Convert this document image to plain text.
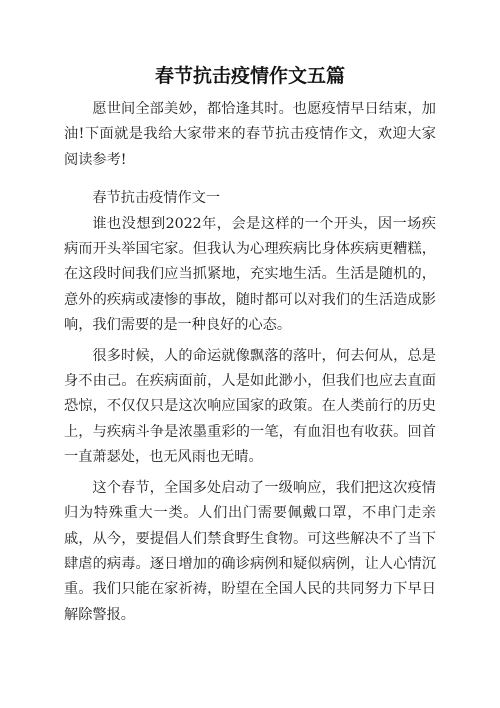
春节抗击疫情作文五篇

愿世间全部美妙，都恰逢其时。也愿疫情早日结束，加油!下面就是我给大家带来的春节抗击疫情作文，欢迎大家阅读参考!

春节抗击疫情作文一

谁也没想到2022年，会是这样的一个开头，因一场疾病而开头举国宅家。但我认为心理疾病比身体疾病更糟糕，在这段时间我们应当抓紧地，充实地生活。生活是随机的，意外的疾病或凄惨的事故，随时都可以对我们的生活造成影响，我们需要的是一种良好的心态。

很多时候，人的命运就像飘落的落叶，何去何从，总是身不由己。在疾病面前，人是如此渺小，但我们也应去直面恐惊，不仅仅只是这次响应国家的政策。在人类前行的历史上，与疾病斗争是浓墨重彩的一笔，有血泪也有收获。回首一直萧瑟处，也无风雨也无晴。

这个春节，全国多处启动了一级响应，我们把这次疫情归为特殊重大一类。人们出门需要佩戴口罩，不串门走亲戚，从今，要提倡人们禁食野生食物。可这些解决不了当下肆虐的病毒。逐日增加的确诊病例和疑似病例，让人心情沉重。我们只能在家祈祷，盼望在全国人民的共同努力下早日解除警报。
